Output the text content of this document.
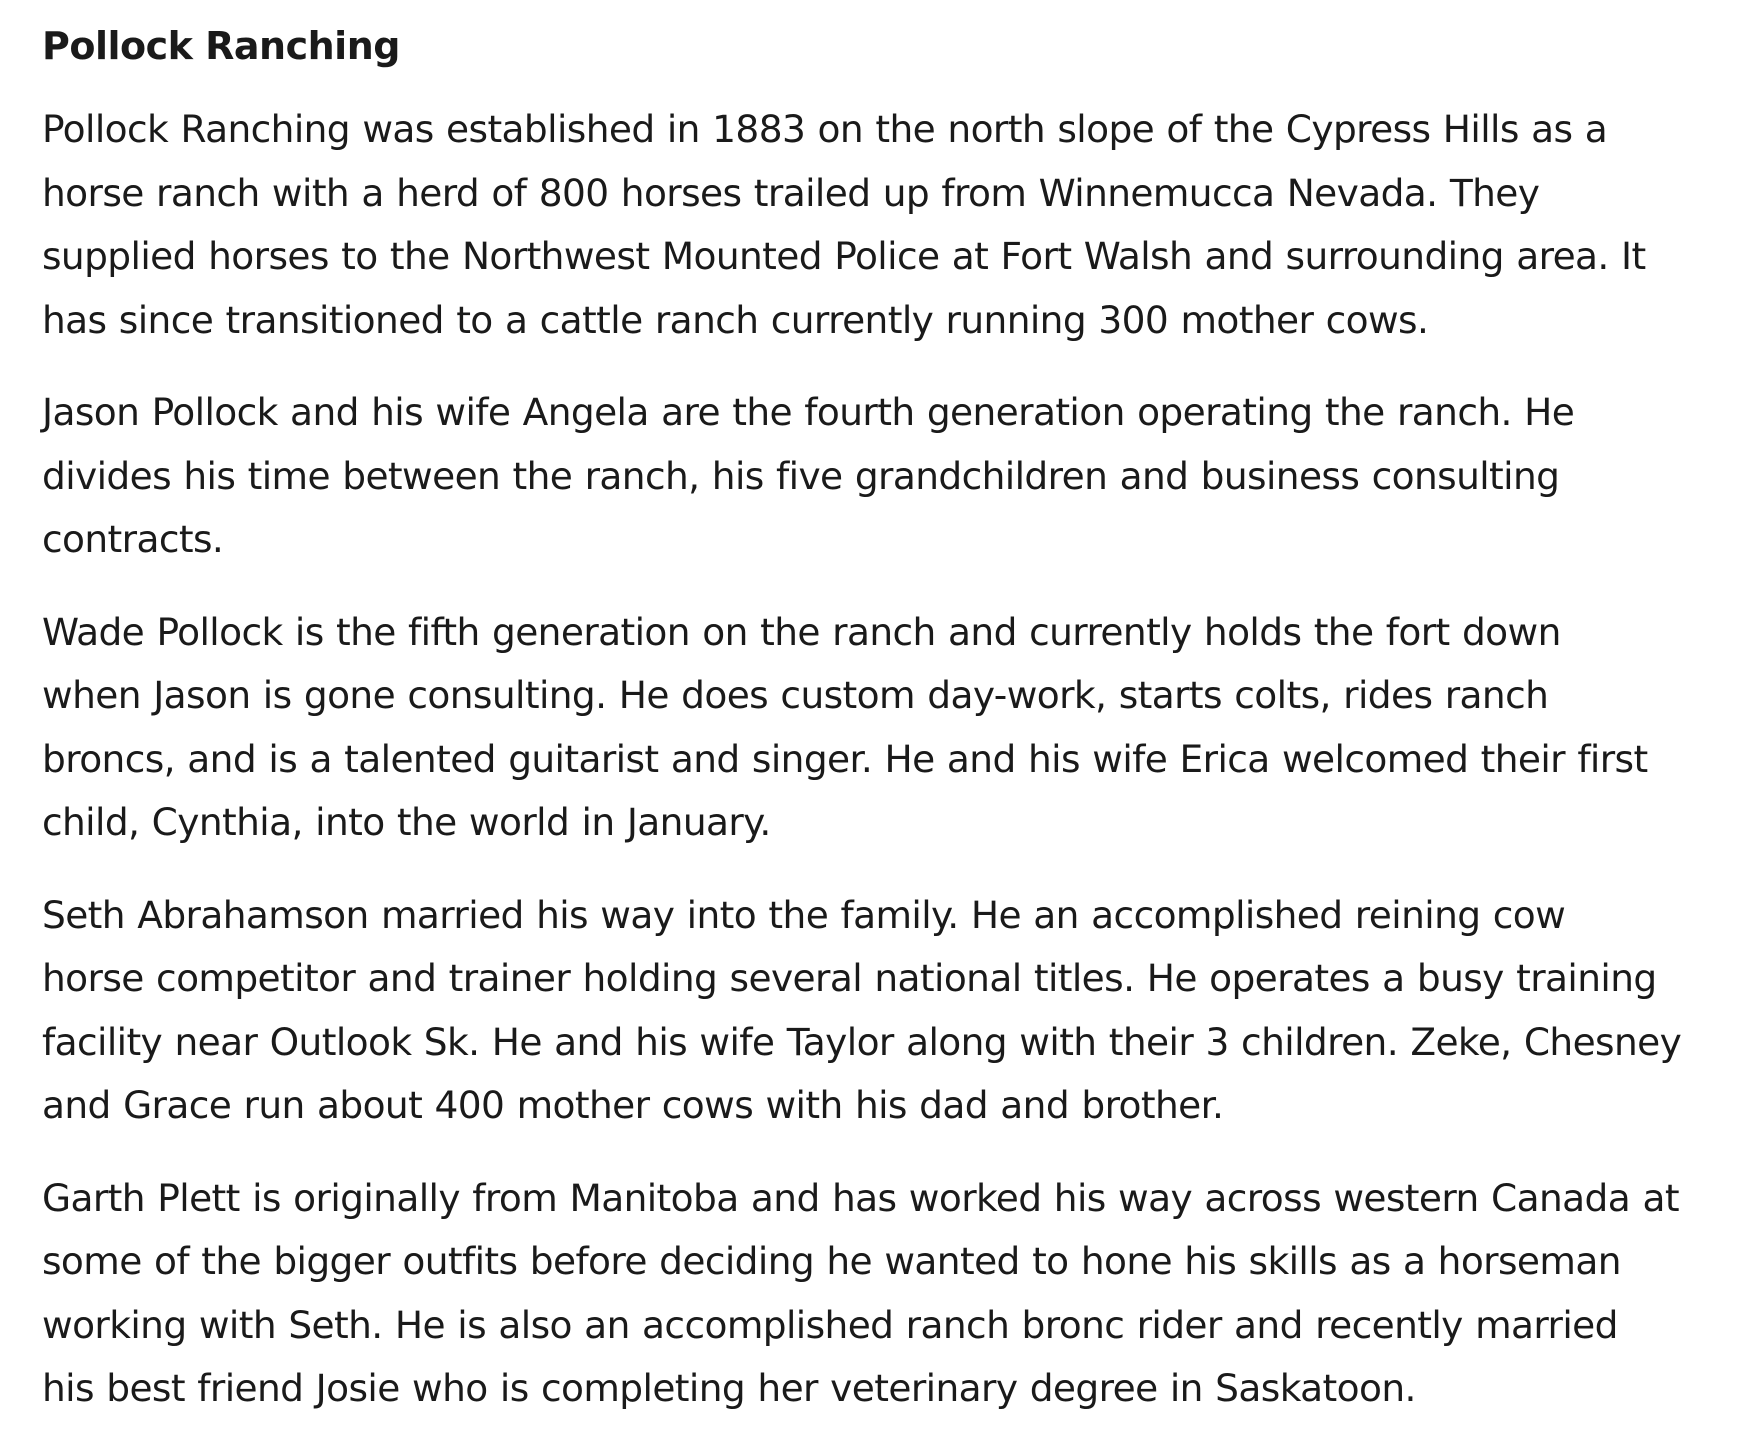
Pollock Ranching

Pollock Ranching was established in 1883 on the north slope of the Cypress Hills as a
horse ranch with a herd of 800 horses trailed up from Winnemucca Nevada. They
supplied horses to the Northwest Mounted Police at Fort Walsh and surrounding area. It
has since transitioned to a cattle ranch currently running 300 mother cows.

Jason Pollock and his wife Angela are the fourth generation operating the ranch. He
divides his time between the ranch, his five grandchildren and business consulting
contracts.

Wade Pollock is the fifth generation on the ranch and currently holds the fort down
when Jason is gone consulting. He does custom day-work, starts colts, rides ranch
broncs, and is a talented guitarist and singer. He and his wife Erica welcomed their first
child, Cynthia, into the world in January.

Seth Abrahamson married his way into the family. He an accomplished reining cow
horse competitor and trainer holding several national titles. He operates a busy training
facility near Outlook Sk. He and his wife Taylor along with their 3 children. Zeke, Chesney
and Grace run about 400 mother cows with his dad and brother.

Garth Plett is originally from Manitoba and has worked his way across western Canada at
some of the bigger outfits before deciding he wanted to hone his skills as a horseman
working with Seth. He is also an accomplished ranch bronc rider and recently married
his best friend Josie who is completing her veterinary degree in Saskatoon.
